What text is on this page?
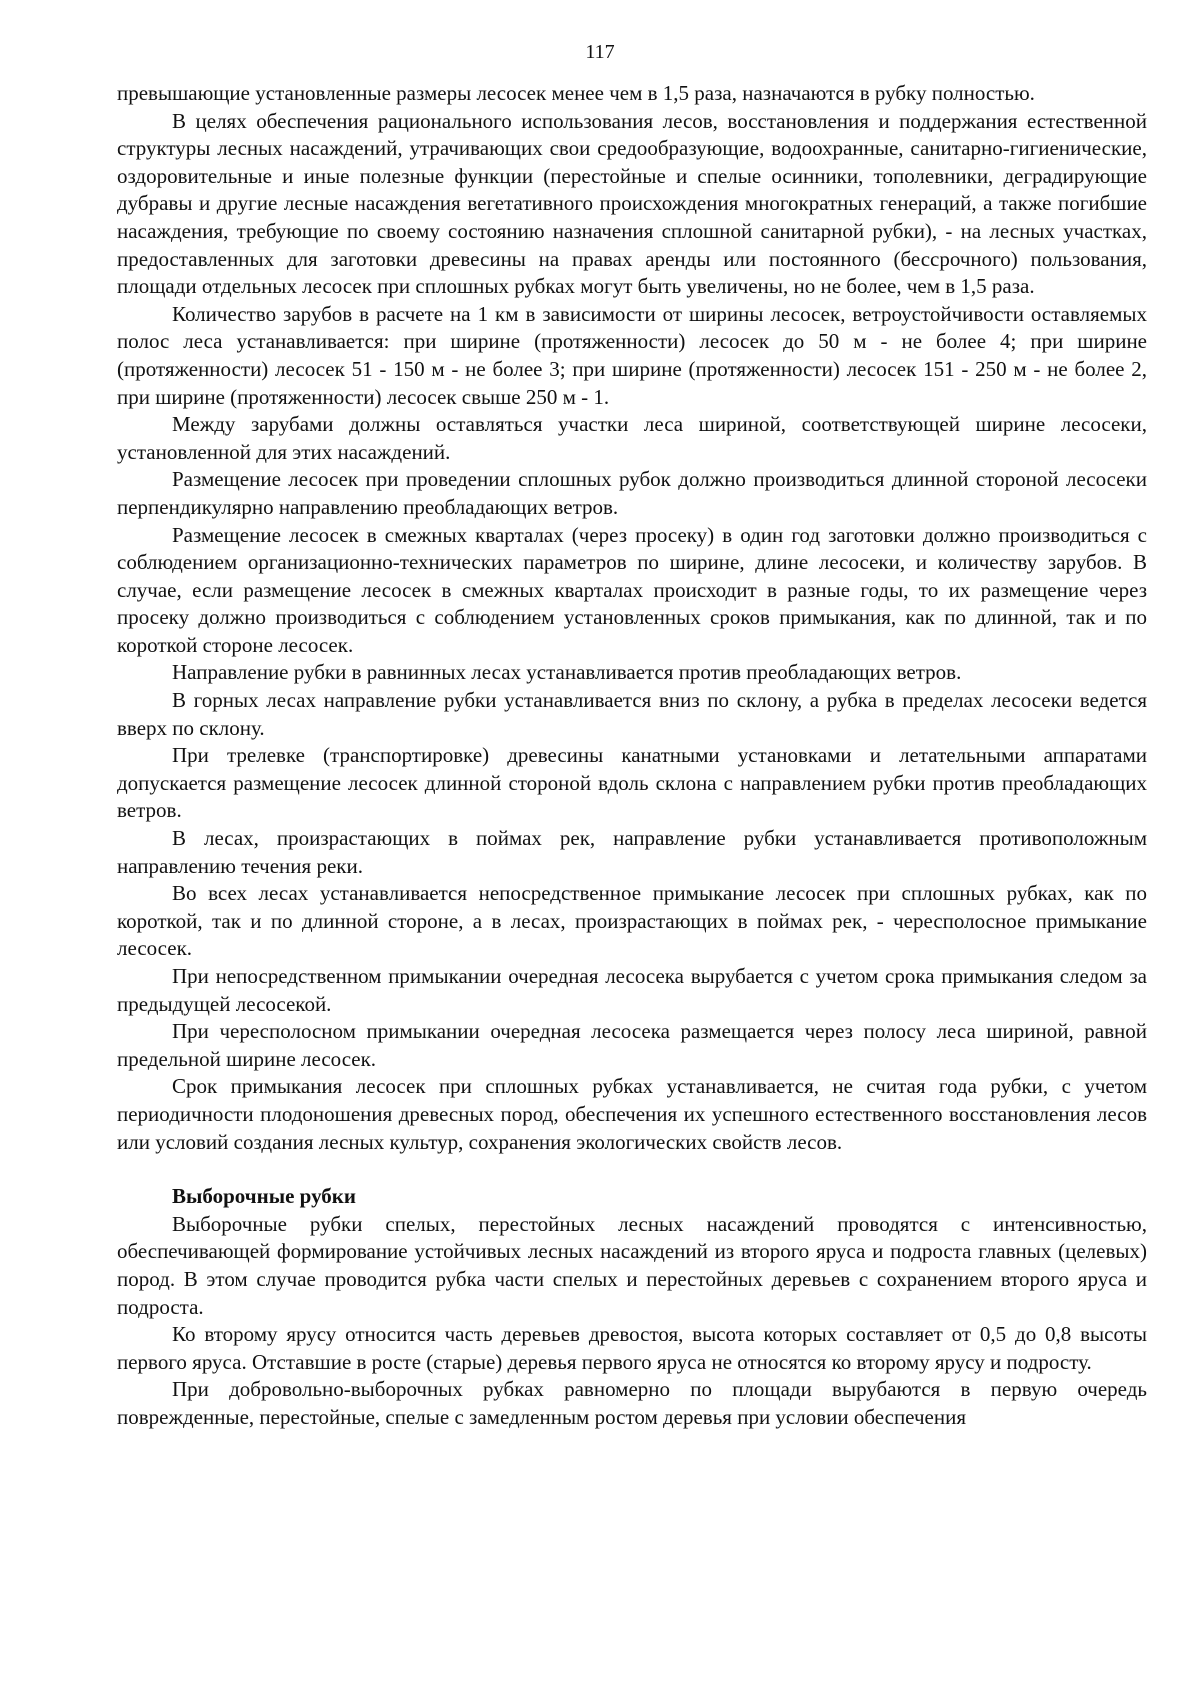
117

превышающие установленные размеры лесосек менее чем в 1,5 раза, назначаются в рубку полностью.

В целях обеспечения рационального использования лесов, восстановления и поддержания естественной структуры лесных насаждений, утрачивающих свои средообразующие, водоохранные, санитарно-гигиенические, оздоровительные и иные полезные функции (перестойные и спелые осинники, тополевники, деградирующие дубравы и другие лесные насаждения вегетативного происхождения многократных генераций, а также погибшие насаждения, требующие по своему состоянию назначения сплошной санитарной рубки), - на лесных участках, предоставленных для заготовки древесины на правах аренды или постоянного (бессрочного) пользования, площади отдельных лесосек при сплошных рубках могут быть увеличены, но не более, чем в 1,5 раза.

Количество зарубов в расчете на 1 км в зависимости от ширины лесосек, ветроустойчивости оставляемых полос леса устанавливается: при ширине (протяженности) лесосек до 50 м - не более 4; при ширине (протяженности) лесосек 51 - 150 м - не более 3; при ширине (протяженности) лесосек 151 - 250 м - не более 2, при ширине (протяженности) лесосек свыше 250 м - 1.

Между зарубами должны оставляться участки леса шириной, соответствующей ширине лесосеки, установленной для этих насаждений.

Размещение лесосек при проведении сплошных рубок должно производиться длинной стороной лесосеки перпендикулярно направлению преобладающих ветров.

Размещение лесосек в смежных кварталах (через просеку) в один год заготовки должно производиться с соблюдением организационно-технических параметров по ширине, длине лесосеки, и количеству зарубов. В случае, если размещение лесосек в смежных кварталах происходит в разные годы, то их размещение через просеку должно производиться с соблюдением установленных сроков примыкания, как по длинной, так и по короткой стороне лесосек.

Направление рубки в равнинных лесах устанавливается против преобладающих ветров.

В горных лесах направление рубки устанавливается вниз по склону, а рубка в пределах лесосеки ведется вверх по склону.

При трелевке (транспортировке) древесины канатными установками и летательными аппаратами допускается размещение лесосек длинной стороной вдоль склона с направлением рубки против преобладающих ветров.

В лесах, произрастающих в поймах рек, направление рубки устанавливается противоположным направлению течения реки.

Во всех лесах устанавливается непосредственное примыкание лесосек при сплошных рубках, как по короткой, так и по длинной стороне, а в лесах, произрастающих в поймах рек, - чересполосное примыкание лесосек.

При непосредственном примыкании очередная лесосека вырубается с учетом срока примыкания следом за предыдущей лесосекой.

При чересполосном примыкании очередная лесосека размещается через полосу леса шириной, равной предельной ширине лесосек.

Срок примыкания лесосек при сплошных рубках устанавливается, не считая года рубки, с учетом периодичности плодоношения древесных пород, обеспечения их успешного естественного восстановления лесов или условий создания лесных культур, сохранения экологических свойств лесов.

Выборочные рубки

Выборочные рубки спелых, перестойных лесных насаждений проводятся с интенсивностью, обеспечивающей формирование устойчивых лесных насаждений из второго яруса и подроста главных (целевых) пород. В этом случае проводится рубка части спелых и перестойных деревьев с сохранением второго яруса и подроста.

Ко второму ярусу относится часть деревьев древостоя, высота которых составляет от 0,5 до 0,8 высоты первого яруса. Отставшие в росте (старые) деревья первого яруса не относятся ко второму ярусу и подросту.

При добровольно-выборочных рубках равномерно по площади вырубаются в первую очередь поврежденные, перестойные, спелые с замедленным ростом деревья при условии обеспечения
